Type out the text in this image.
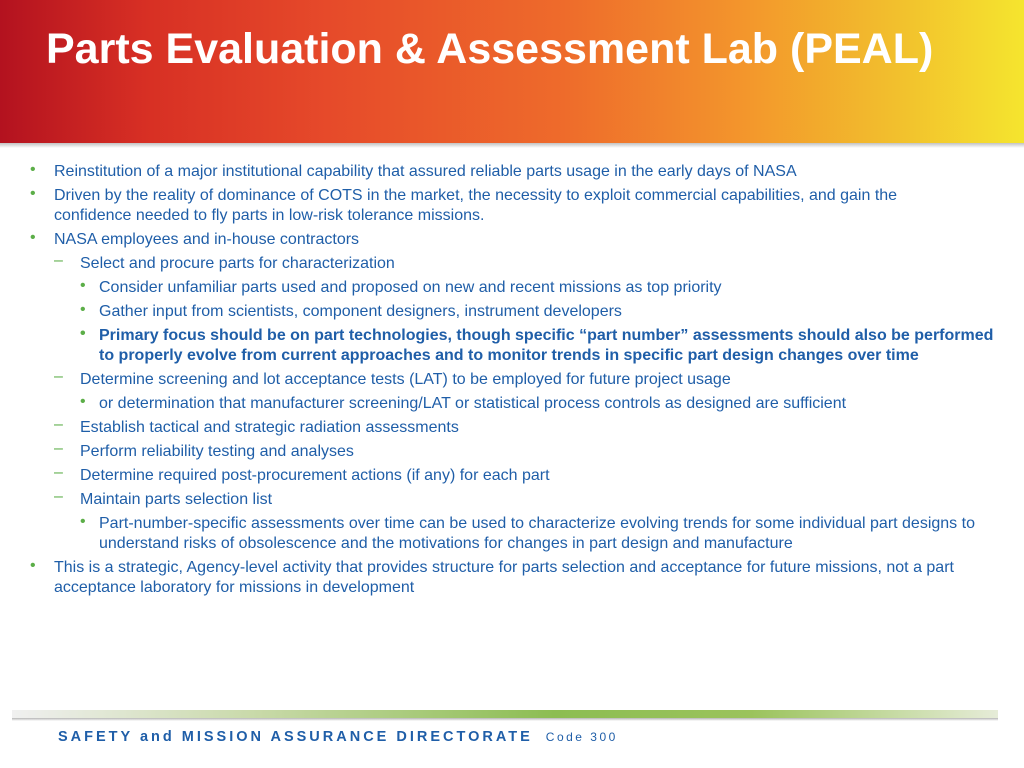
Parts Evaluation & Assessment Lab (PEAL)
• Reinstitution of a major institutional capability that assured reliable parts usage in the early days of NASA
• Driven by the reality of dominance of COTS in the market, the necessity to exploit commercial capabilities, and gain the confidence needed to fly parts in low-risk tolerance missions.
• NASA employees and in-house contractors
– Select and procure parts for characterization
• Consider unfamiliar parts used and proposed on new and recent missions as top priority
• Gather input from scientists, component designers, instrument developers
• Primary focus should be on part technologies, though specific “part number” assessments should also be performed to properly evolve from current approaches and to monitor trends in specific part design changes over time
– Determine screening and lot acceptance tests (LAT) to be employed for future project usage
• or determination that manufacturer screening/LAT or statistical process controls as designed are sufficient
– Establish tactical and strategic radiation assessments
– Perform reliability testing and analyses
– Determine required post-procurement actions (if any) for each part
– Maintain parts selection list
• Part-number-specific assessments over time can be used to characterize evolving trends for some individual part designs to understand risks of obsolescence and the motivations for changes in part design and manufacture
• This is a strategic, Agency-level activity that provides structure for parts selection and acceptance for future missions, not a part acceptance laboratory for missions in development
SAFETY and MISSION ASSURANCE DIRECTORATE Code 300
